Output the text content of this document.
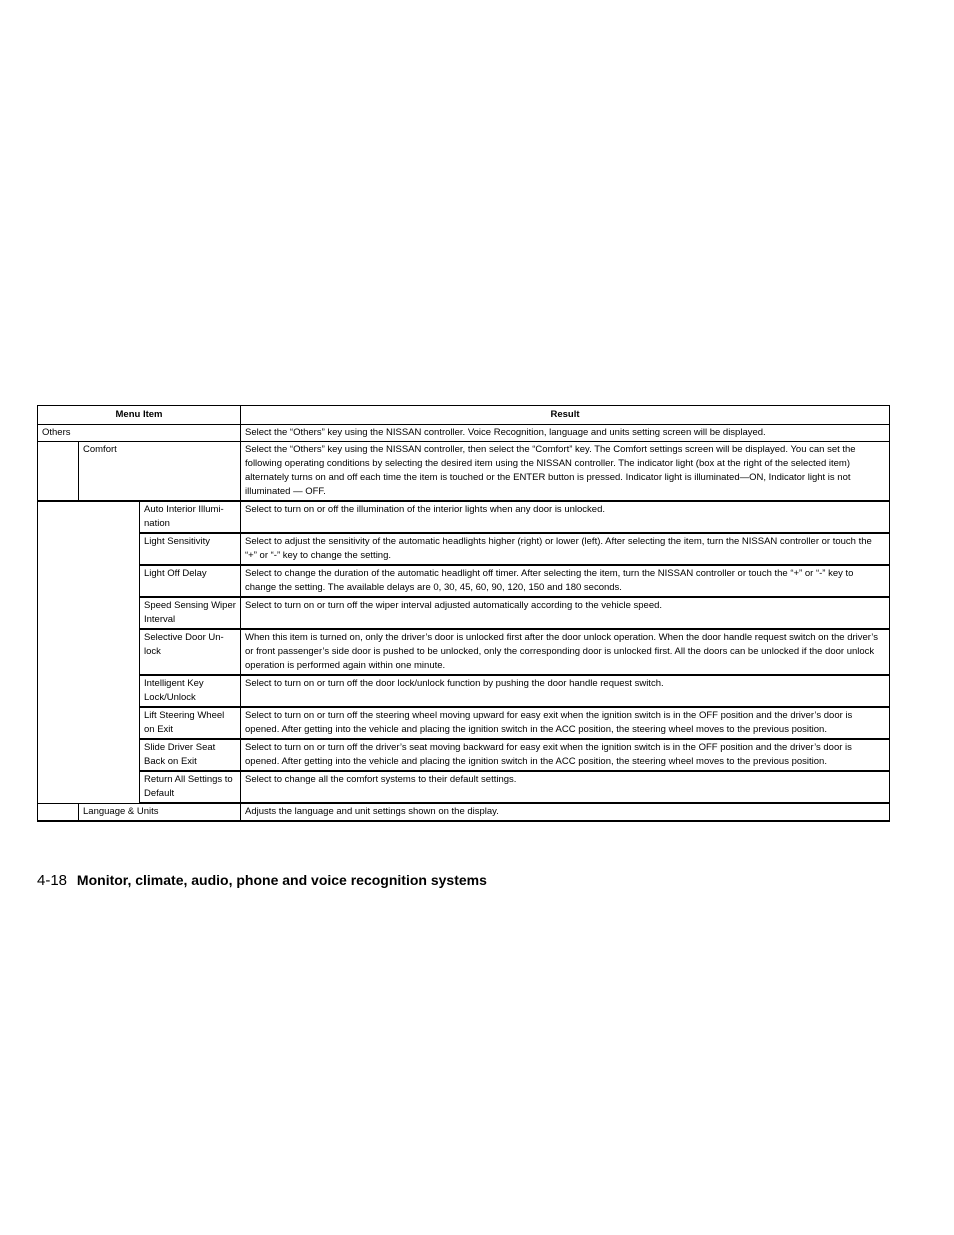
Menu Item			Result
Others			Select the “Others” key using the NISSAN controller. Voice Recognition, language and units setting screen will be displayed.
	Comfort		Select the “Others” key using the NISSAN controller, then select the “Comfort” key. The Comfort settings screen will be displayed. You can set the following operating conditions by selecting the desired item using the NISSAN controller. The indicator light (box at the right of the selected item) alternately turns on and off each time the item is touched or the ENTER button is pressed. Indicator light is illuminated—ON, Indicator light is not illuminated — OFF.
		Auto Interior Illumi-nation	Select to turn on or off the illumination of the interior lights when any door is unlocked.
		Light Sensitivity	Select to adjust the sensitivity of the automatic headlights higher (right) or lower (left). After selecting the item, turn the NISSAN controller or touch the “+” or “-” key to change the setting.
		Light Off Delay	Select to change the duration of the automatic headlight off timer. After selecting the item, turn the NISSAN controller or touch the “+” or “-” key to change the setting. The available delays are 0, 30, 45, 60, 90, 120, 150 and 180 seconds.
		Speed Sensing Wiper Interval	Select to turn on or turn off the wiper interval adjusted automatically according to the vehicle speed.
		Selective Door Un-lock	When this item is turned on, only the driver’s door is unlocked first after the door unlock operation. When the door handle request switch on the driver’s or front passenger’s side door is pushed to be unlocked, only the corresponding door is unlocked first. All the doors can be unlocked if the door unlock operation is performed again within one minute.
		Intelligent Key Lock/Unlock	Select to turn on or turn off the door lock/unlock function by pushing the door handle request switch.
		Lift Steering Wheel on Exit	Select to turn on or turn off the steering wheel moving upward for easy exit when the ignition switch is in the OFF position and the driver’s door is opened. After getting into the vehicle and placing the ignition switch in the ACC position, the steering wheel moves to the previous position.
		Slide Driver Seat Back on Exit	Select to turn on or turn off the driver’s seat moving backward for easy exit when the ignition switch is in the OFF position and the driver’s door is opened. After getting into the vehicle and placing the ignition switch in the ACC position, the steering wheel moves to the previous position.
		Return All Settings to Default	Select to change all the comfort systems to their default settings.
	Language & Units		Adjusts the language and unit settings shown on the display.
4-18 Monitor, climate, audio, phone and voice recognition systems
